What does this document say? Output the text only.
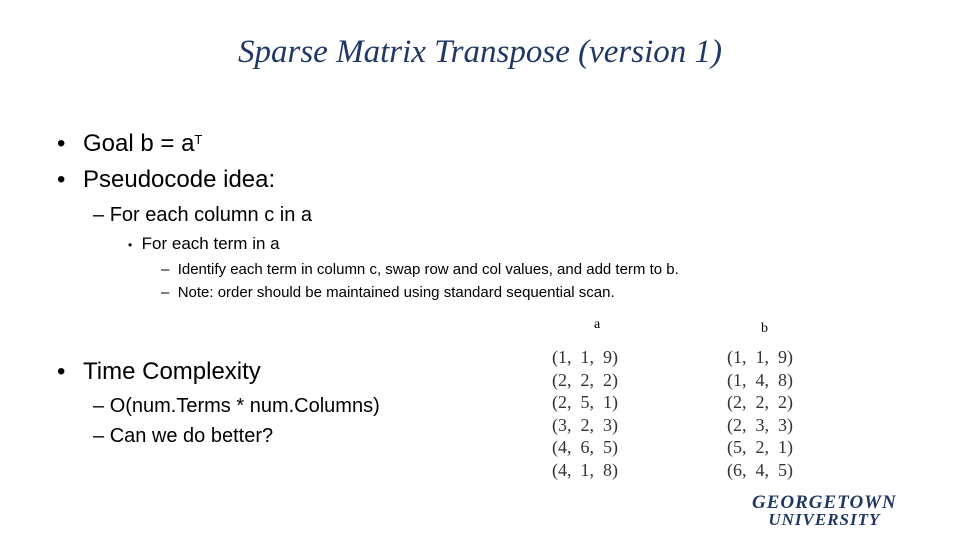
Sparse Matrix Transpose (version 1)
• Goal $b = a^T$
• Pseudocode idea:
– For each column c in a
• For each term in a
– Identify each term in column c, swap row and col values, and add term to b.
– Note: order should be maintained using standard sequential scan.
• Time Complexity
– O(num.Terms * num.Columns)
– Can we do better?
a	b
(1,  1,  9)
(2,  2,  2)
(2,  5,  1)
(3,  2,  3)
(4,  6,  5)
(4,  1,  8)
(1,  1,  9)
(1,  4,  8)
(2,  2,  2)
(2,  3,  3)
(5,  2,  1)
(6,  4,  5)
GEORGETOWN
UNIVERSITY
